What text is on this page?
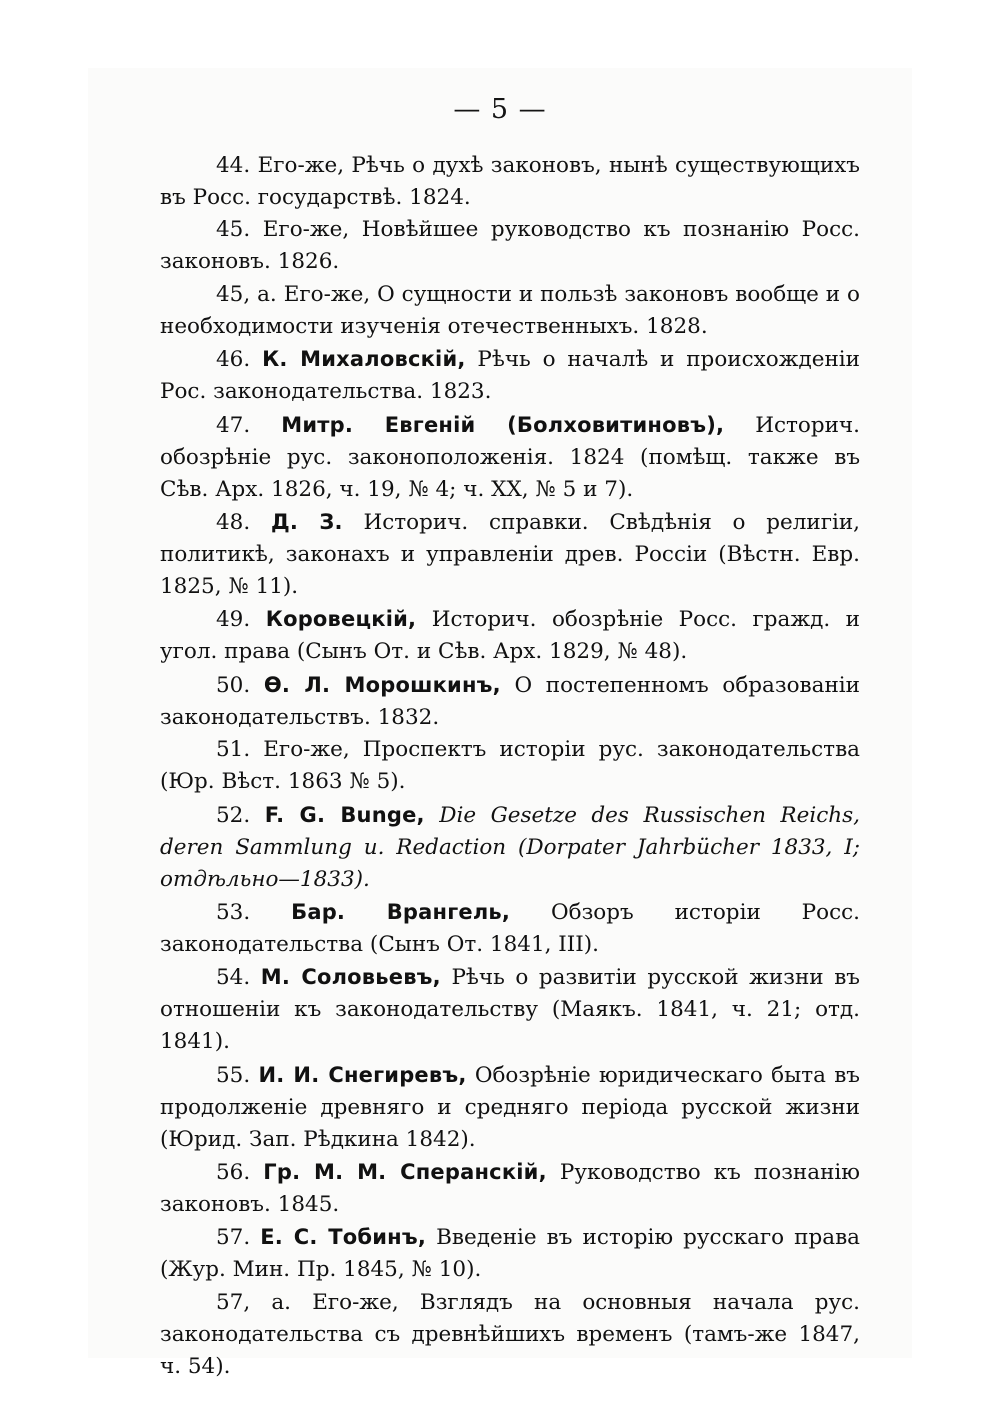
— 5 —

44. Его-же, Рѣчь о духѣ законовъ, нынѣ существующихъ въ Росс. государствѣ. 1824.

45. Его-же, Новѣйшее руководство къ познанію Росс. законовъ. 1826.

45, а. Его-же, О сущности и пользѣ законовъ вообще и о необходимости изученія отечественныхъ. 1828.

46. К. Михаловскій, Рѣчь о началѣ и происхожденіи Рос. законодательства. 1823.

47. Митр. Евгеній (Болховитиновъ), Историч. обозрѣніе рус. законоположенія. 1824 (помѣщ. также въ Сѣв. Арх. 1826, ч. 19, № 4; ч. XX, № 5 и 7).

48. Д. З. Историч. справки. Свѣдѣнія о религіи, политикѣ, законахъ и управленіи древ. Россіи (Вѣстн. Евр. 1825, № 11).

49. Коровецкій, Историч. обозрѣніе Росс. гражд. и угол. права (Сынъ От. и Сѣв. Арх. 1829, № 48).

50. Ѳ. Л. Морошкинъ, О постепенномъ образованіи законодательствъ. 1832.

51. Его-же, Проспектъ исторіи рус. законодательства (Юр. Вѣст. 1863 № 5).

52. F. G. Bunge, Die Gesetze des Russischen Reichs, deren Sammlung u. Redaction (Dorpater Jahrbücher 1833, I; отдѣльно—1833).

53. Бар. Врангель, Обзоръ исторіи Росс. законодательства (Сынъ От. 1841, III).

54. М. Соловьевъ, Рѣчь о развитіи русской жизни въ отношеніи къ законодательству (Маякъ. 1841, ч. 21; отд. 1841).

55. И. И. Снегиревъ, Обозрѣніе юридическаго быта въ продолженіе древняго и средняго періода русской жизни (Юрид. Зап. Рѣдкина 1842).

56. Гр. М. М. Сперанскій, Руководство къ познанію законовъ. 1845.

57. Е. С. Тобинъ, Введеніе въ исторію русскаго права (Жур. Мин. Пр. 1845, № 10).

57, а. Его-же, Взглядъ на основныя начала рус. законодательства съ древнѣйшихъ временъ (тамъ-же 1847, ч. 54).
